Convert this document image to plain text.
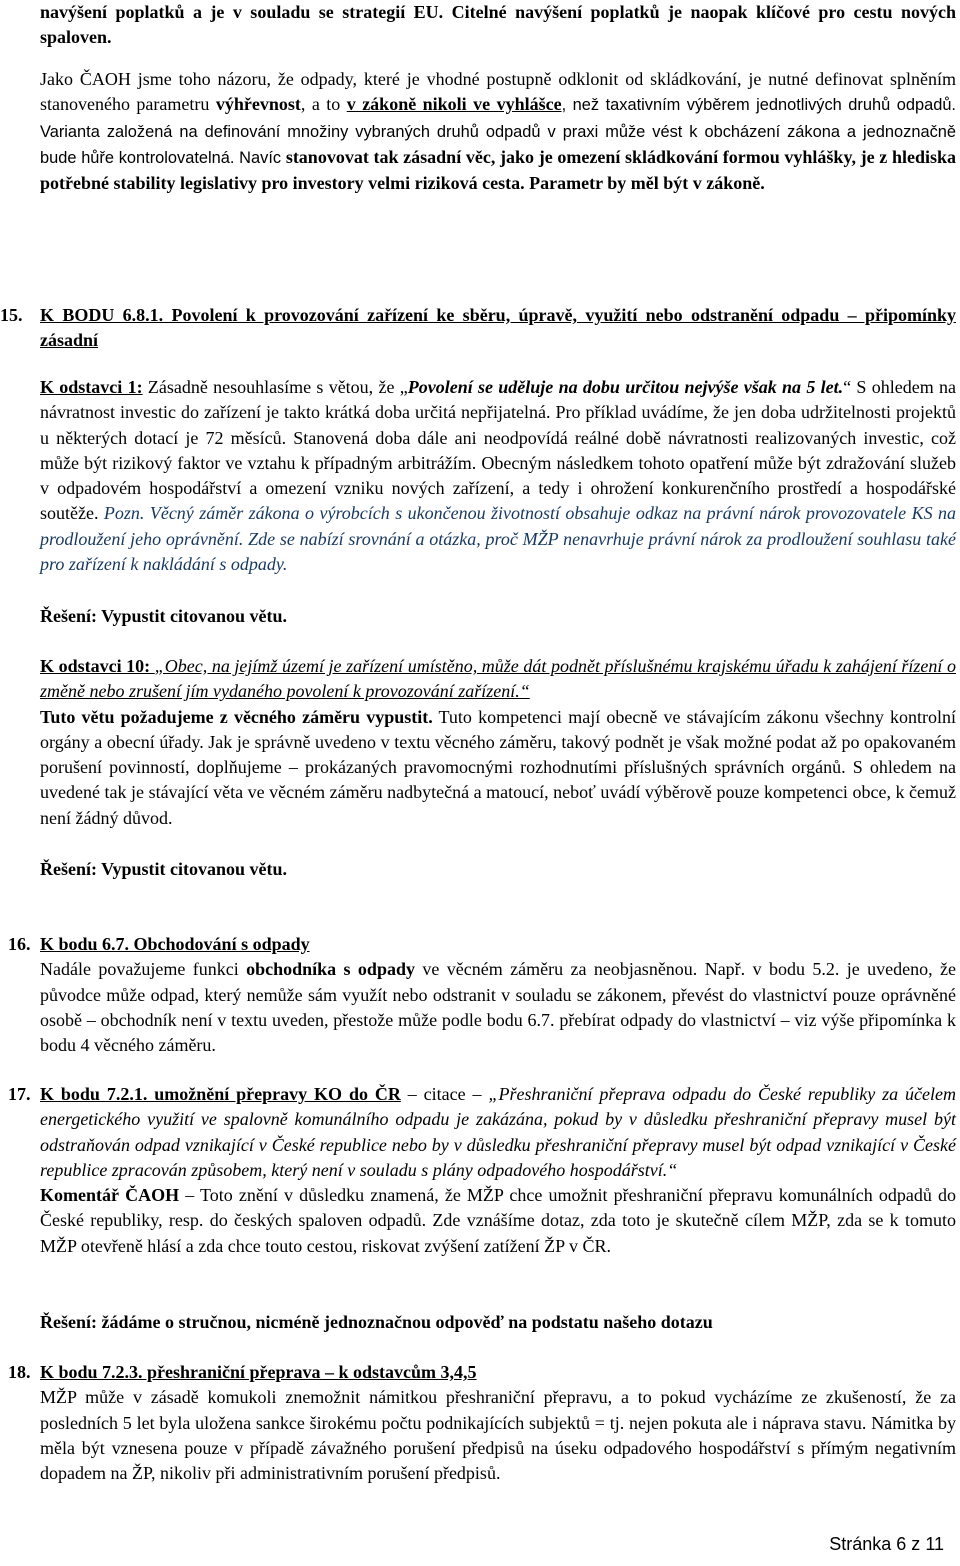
navýšení poplatků a je v souladu se strategií EU. Citelné navýšení poplatků je naopak klíčové pro cestu nových spaloven.
Jako ČAOH jsme toho názoru, že odpady, které je vhodné postupně odklonit od skládkování, je nutné definovat splněním stanoveného parametru výhřevnost, a to v zákoně nikoli ve vyhlášce, než taxativním výběrem jednotlivých druhů odpadů. Varianta založená na definování množiny vybraných druhů odpadů v praxi může vést k obcházení zákona a jednoznačně bude hůře kontrolovatelná. Navíc stanovovat tak zásadní věc, jako je omezení skládkování formou vyhlášky, je z hlediska potřebné stability legislativy pro investory velmi riziková cesta. Parametr by měl být v zákoně.
15. K BODU 6.8.1. Povolení k provozování zařízení ke sběru, úpravě, využití nebo odstranění odpadu – připomínky zásadní
K odstavci 1: Zásadně nesouhlasíme s větou, že „Povolení se uděluje na dobu určitou nejvýše však na 5 let.“ S ohledem na návratnost investic do zařízení je takto krátká doba určitá nepřijatelná. Pro příklad uvádíme, že jen doba udržitelnosti projektů u některých dotací je 72 měsíců. Stanovená doba dále ani neodpovídá reálné době návratnosti realizovaných investic, což může být rizikový faktor ve vztahu k případným arbitrážím. Obecným následkem tohoto opatření může být zdražování služeb v odpadovém hospodářství a omezení vzniku nových zařízení, a tedy i ohrožení konkurenčního prostředí a hospodářské soutěže. Pozn. Věcný záměr zákona o výrobcích s ukončenou životností obsahuje odkaz na právní nárok provozovatele KS na prodloužení jeho oprávnění. Zde se nabízí srovnání a otázka, proč MŽP nenavrhuje právní nárok za prodloužení souhlasu také pro zařízení k nakládání s odpady.
Řešení: Vypustit citovanou větu.
K odstavci 10: „Obec, na jejímž území je zařízení umístěno, může dát podnět příslušnému krajskému úřadu k zahájení řízení o změně nebo zrušení jím vydaného povolení k provozování zařízení.“
Tuto větu požadujeme z věcného záměru vypustit. Tuto kompetenci mají obecně ve stávajícím zákonu všechny kontrolní orgány a obecní úřady. Jak je správně uvedeno v textu věcného záměru, takový podnět je však možné podat až po opakovaném porušení povinností, doplňujeme – prokázaných pravomocnými rozhodnutími příslušných správních orgánů. S ohledem na uvedené tak je stávající věta ve věcném záměru nadbytečná a matoucí, neboť uvádí výběrově pouze kompetenci obce, k čemuž není žádný důvod.
Řešení: Vypustit citovanou větu.
16. K bodu 6.7. Obchodování s odpady
Nadále považujeme funkci obchodníka s odpady ve věcném záměru za neobjasněnou. Např. v bodu 5.2. je uvedeno, že původce může odpad, který nemůže sám využít nebo odstranit v souladu se zákonem, převést do vlastnictví pouze oprávněné osobě – obchodník není v textu uveden, přestože může podle bodu 6.7. přebírat odpady do vlastnictví – viz výše připomínka k bodu 4 věcného záměru.
17. K bodu 7.2.1. umožnění přepravy KO do ČR – citace – „Přeshraniční přeprava odpadu do České republiky za účelem energetického využití ve spalovně komunálního odpadu je zakázána, pokud by v důsledku přeshraniční přepravy musel být odstraňován odpad vznikající v České republice nebo by v důsledku přeshraniční přepravy musel být odpad vznikající v České republice zpracován způsobem, který není v souladu s plány odpadového hospodářství.“
Komentář ČAOH – Toto znění v důsledku znamená, že MŽP chce umožnit přeshraniční přepravu komunálních odpadů do České republiky, resp. do českých spaloven odpadů. Zde vznášíme dotaz, zda toto je skutečně cílem MŽP, zda se k tomuto MŽP otevřeně hlásí a zda chce touto cestou, riskovat zvýšení zatížení ŽP v ČR.
Řešení: žádáme o stručnou, nicméně jednoznačnou odpověď na podstatu našeho dotazu
18. K bodu 7.2.3. přeshraniční přeprava – k odstavcům 3,4,5
MŽP může v zásadě komukoli znemožnit námitkou přeshraniční přepravu, a to pokud vycházíme ze zkušeností, že za posledních 5 let byla uložena sankce širokému počtu podnikajících subjektů = tj. nejen pokuta ale i náprava stavu. Námitka by měla být vznesena pouze v případě závažného porušení předpisů na úseku odpadového hospodářství s přímým negativním dopadem na ŽP, nikoliv při administrativním porušení předpisů.
Stránka 6 z 11
